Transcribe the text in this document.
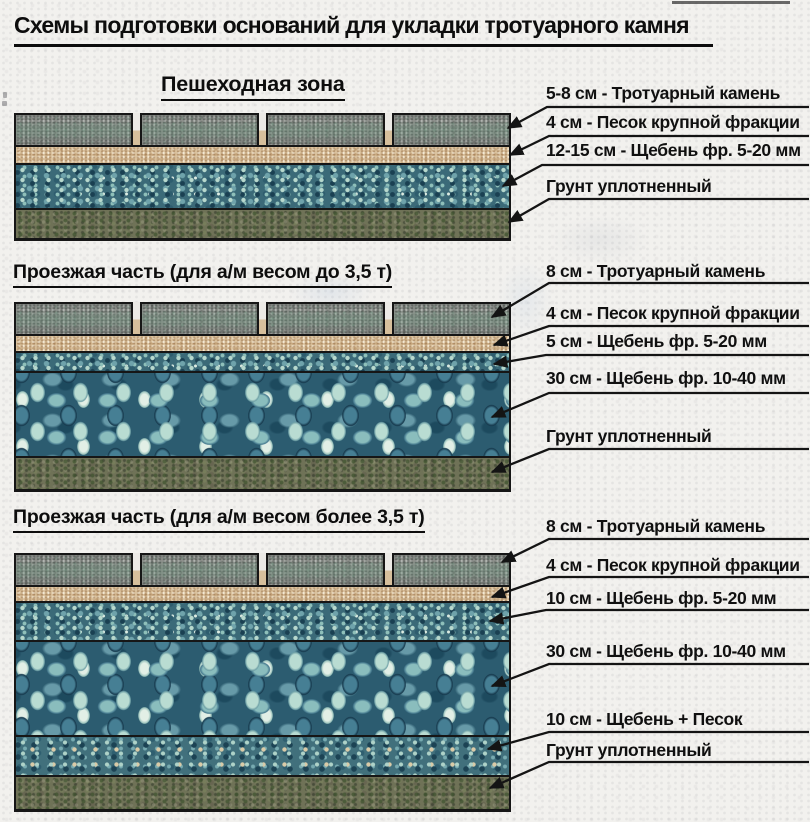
Схемы подготовки оснований для укладки тротуарного камня
Пешеходная зона	5-8 см - Тротуарный камень
4 см - Песок крупной фракции
12-15 см - Щебень фр. 5-20 мм
Грунт уплотненный
Проезжая часть (для а/м весом до 3,5 т)	8 см - Тротуарный камень
4 см - Песок крупной фракции
5 см - Щебень фр. 5-20 мм
30 см - Щебень фр. 10-40 мм
Грунт уплотненный
Проезжая часть (для а/м весом более 3,5 т)	8 см - Тротуарный камень
4 см - Песок крупной фракции
10 см - Щебень фр. 5-20 мм
30 см - Щебень фр. 10-40 мм
10 см - Щебень + Песок
Грунт уплотненный
